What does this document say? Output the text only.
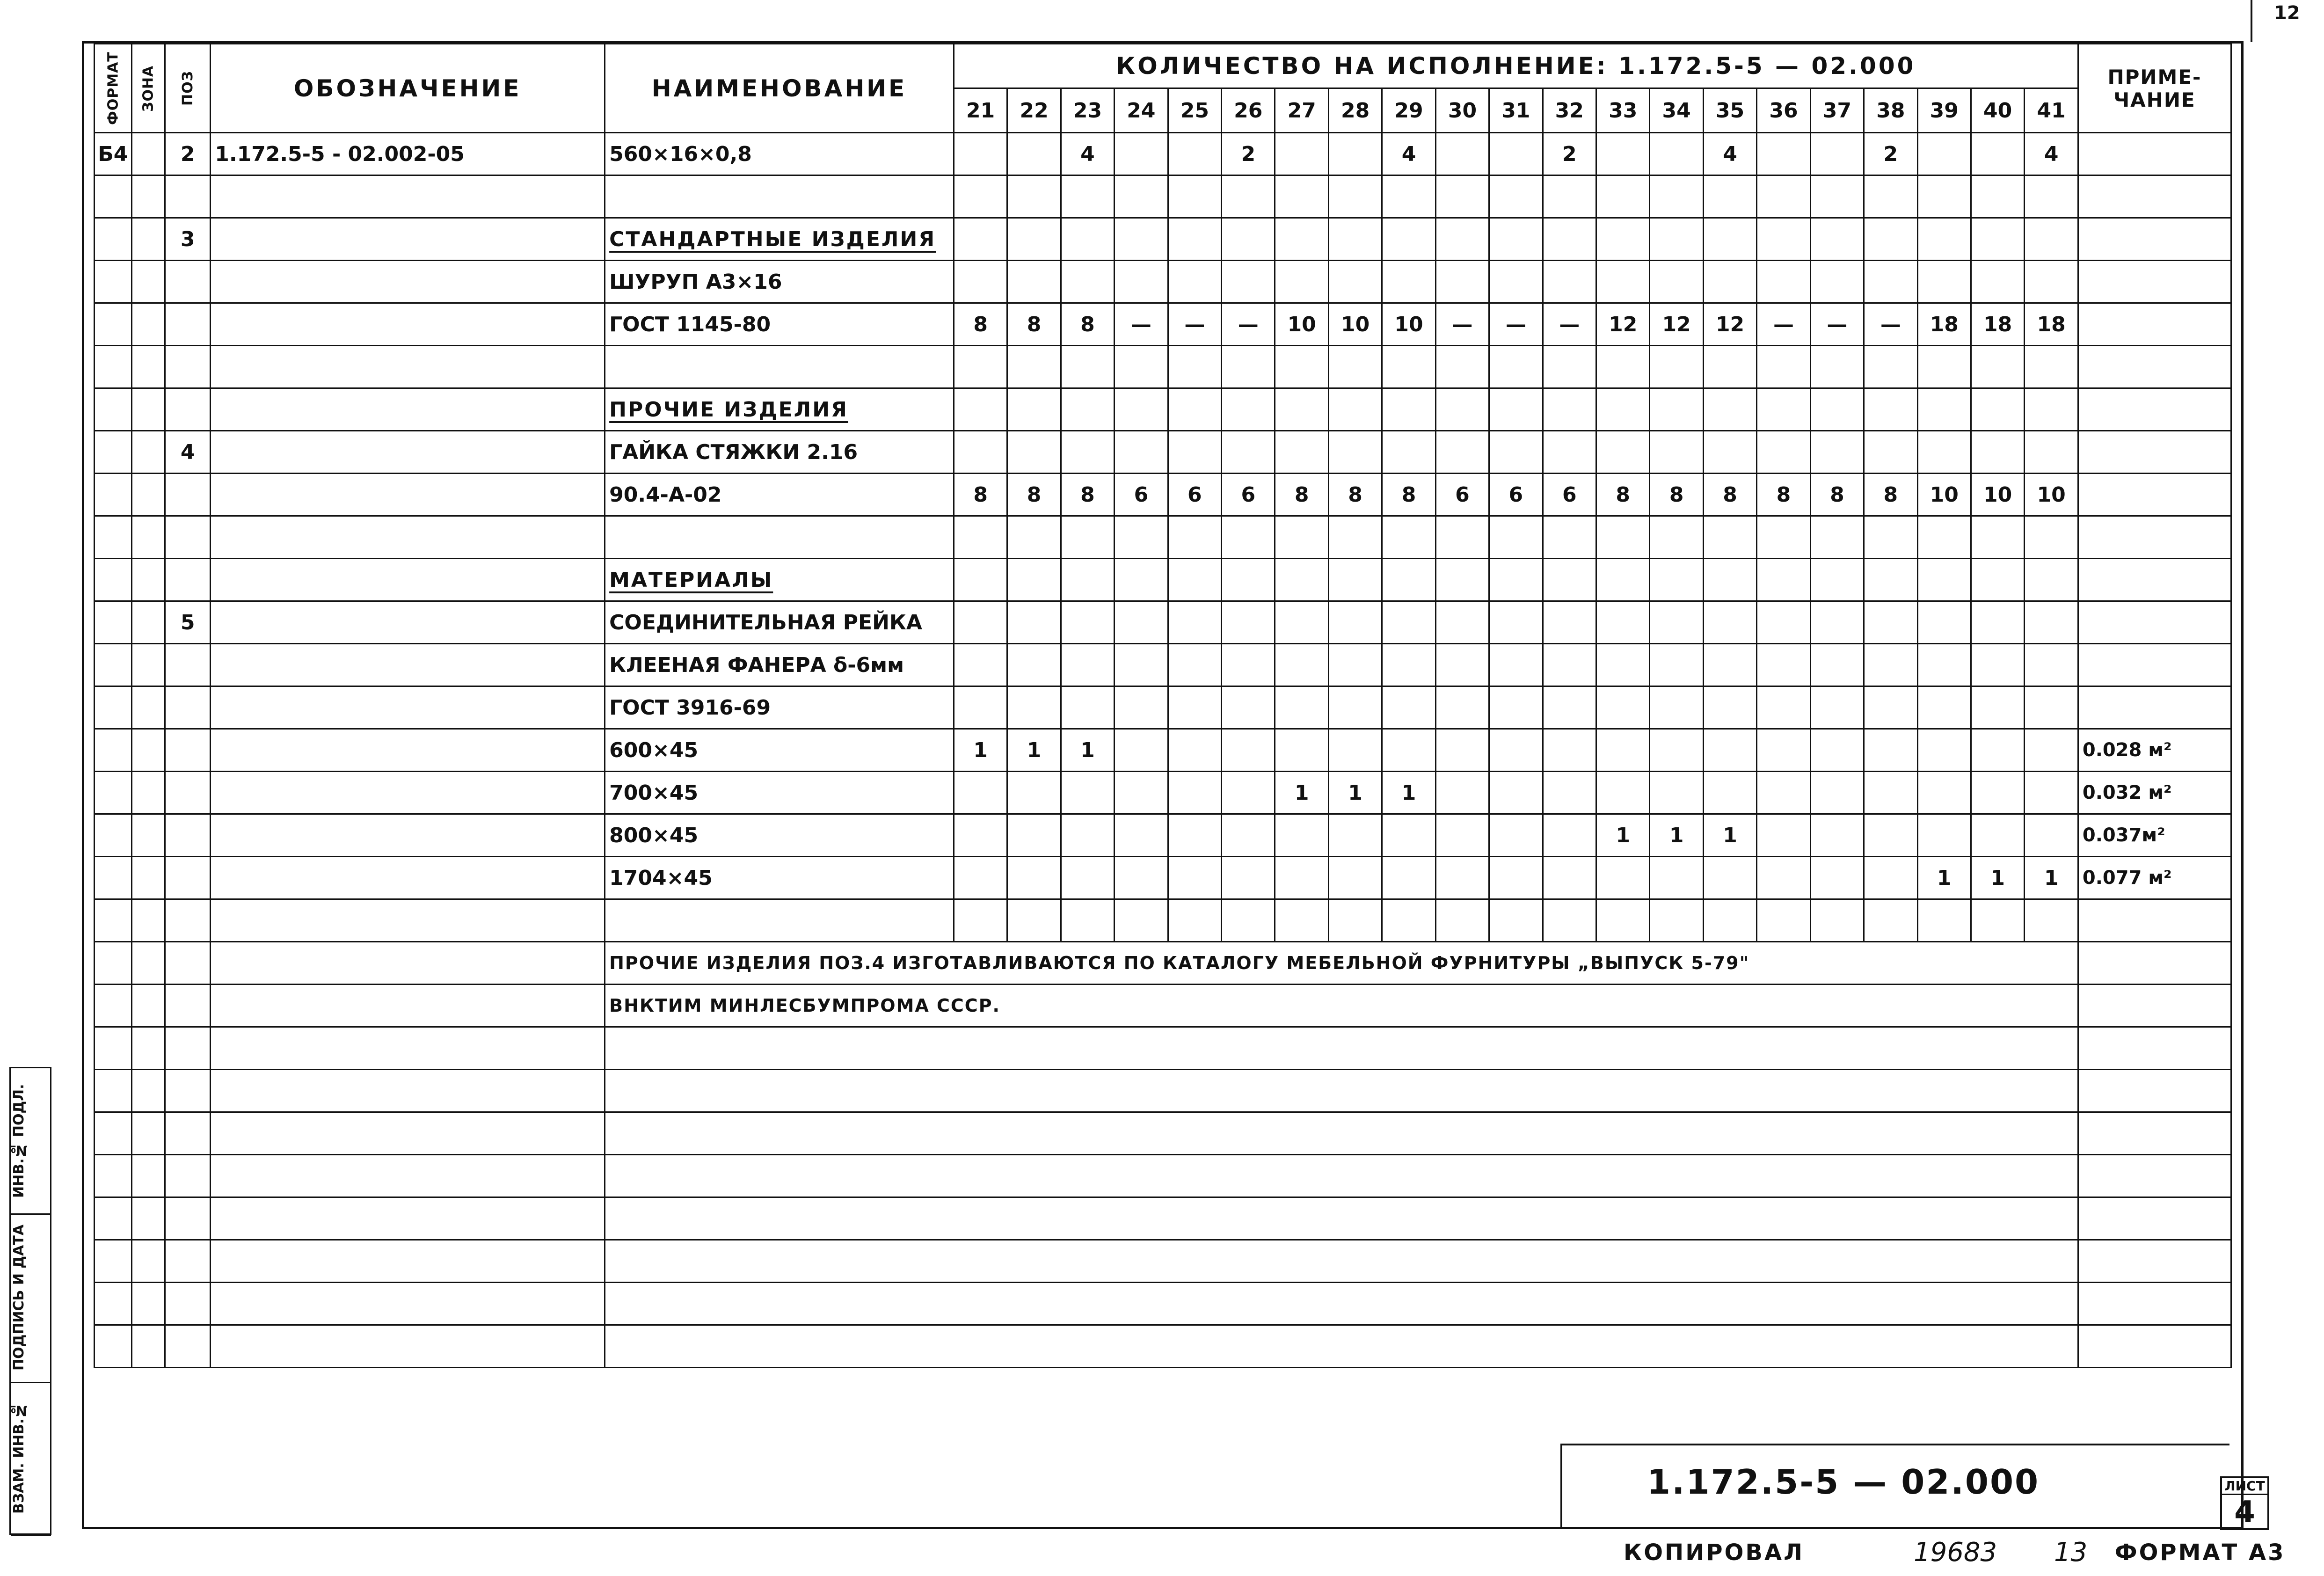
12
ФОРМАТ	ЗОНА	ПОЗ	ОБОЗНАЧЕНИЕ	НАИМЕНОВАНИЕ	КОЛИЧЕСТВО НА ИСПОЛНЕНИЕ: 1.172.5-5 — 02.000																					ПРИМЕ-ЧАНИЕ
					21	22	23	24	25	26	27	28	29	30	31	32	33	34	35	36	37	38	39	40	41	
Б4		2	1.172.5-5 - 02.002-05	560×16×0,8			4			2			4			2			4			2			4	

		3		СТАНДАРТНЫЕ ИЗДЕЛИЯ																						
				ШУРУП А3×16																						
				ГОСТ 1145-80	8	8	8	—	—	—	10	10	10	—	—	—	12	12	12	—	—	—	18	18	18	

				ПРОЧИЕ ИЗДЕЛИЯ																						
		4		ГАЙКА СТЯЖКИ 2.16																						
				90.4-А-02	8	8	8	6	6	6	8	8	8	6	6	6	8	8	8	8	8	8	10	10	10	

				МАТЕРИАЛЫ																						
		5		СОЕДИНИТЕЛЬНАЯ РЕЙКА																						
				КЛЕЕНАЯ ФАНЕРА δ-6мм																						
				ГОСТ 3916-69																						
				600×45	1	1	1																			0.028 м²
				700×45							1	1	1													0.032 м²
				800×45													1	1	1							0.037м²
				1704×45																			1	1	1	0.077 м²

				ПРОЧИЕ ИЗДЕЛИЯ ПОЗ.4 ИЗГОТАВЛИВАЮТСЯ ПО КАТАЛОГУ МЕБЕЛЬНОЙ ФУРНИТУРЫ „ВЫПУСК 5-79"																						
				ВНКТИМ МИНЛЕСБУМПРОМА СССР.																						

ИНВ.№ ПОДЛ.
ПОДПИСЬ И ДАТА
ВЗАМ. ИНВ.№	1.172.5-5 — 02.000	ЛИСТ
4
КОПИРОВАЛ	19683 13 ФОРМАТ А3
